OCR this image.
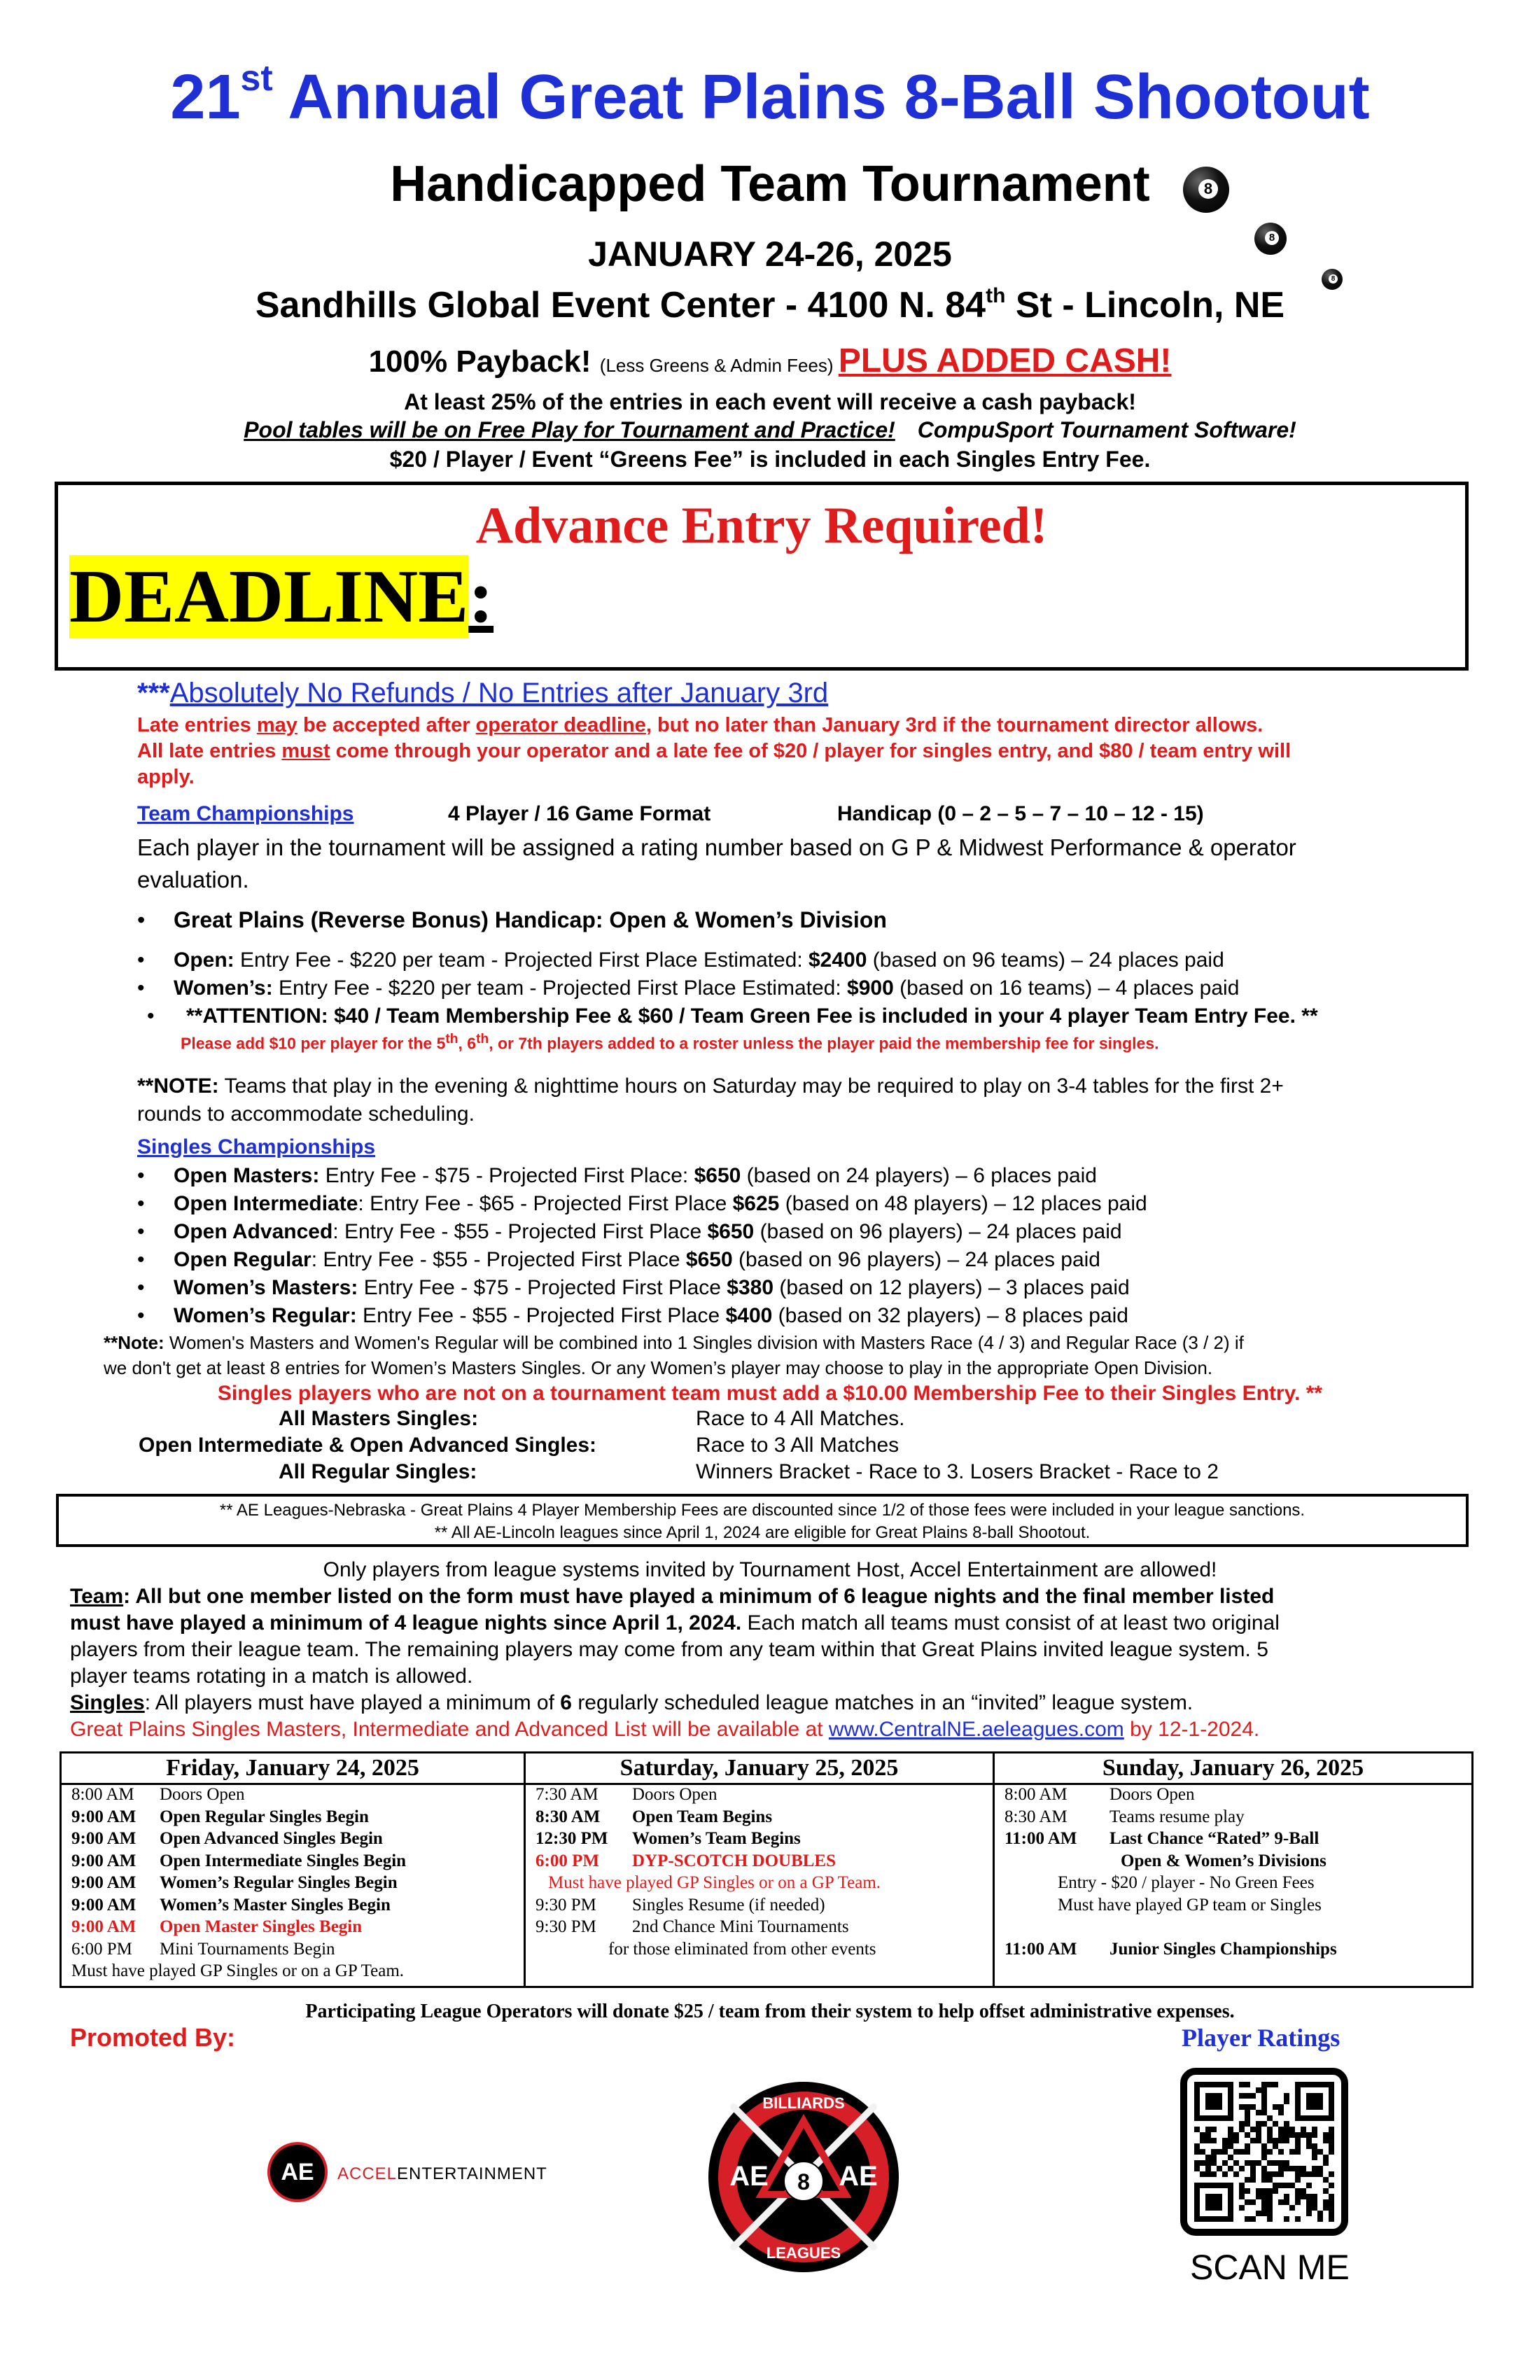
21st Annual Great Plains 8-Ball Shootout
Handicapped Team Tournament	8
8
8
JANUARY 24-26, 2025
Sandhills Global Event Center - 4100 N. 84th St - Lincoln, NE
100% Payback! (Less Greens & Admin Fees) PLUS ADDED CASH!
At least 25% of the entries in each event will receive a cash payback!
Pool tables will be on Free Play for Tournament and Practice! CompuSport Tournament Software!
$20 / Player / Event “Greens Fee” is included in each Singles Entry Fee.
Advance Entry Required!
DEADLINE:
***Absolutely No Refunds / No Entries after January 3rd
Late entries may be accepted after operator deadline, but no later than January 3rd if the tournament director allows.
All late entries must come through your operator and a late fee of $20 / player for singles entry, and $80 / team entry will
apply.
Team Championships	4 Player / 16 Game Format	Handicap (0 – 2 – 5 – 7 – 10 – 12 - 15)
Each player in the tournament will be assigned a rating number based on G P & Midwest Performance & operator
evaluation.
• Great Plains (Reverse Bonus) Handicap: Open & Women’s Division
• Open: Entry Fee - $220 per team - Projected First Place Estimated: $2400 (based on 96 teams) – 24 places paid
• Women’s: Entry Fee - $220 per team - Projected First Place Estimated: $900 (based on 16 teams) – 4 places paid
• **ATTENTION: $40 / Team Membership Fee & $60 / Team Green Fee is included in your 4 player Team Entry Fee. **
Please add $10 per player for the 5th, 6th, or 7th players added to a roster unless the player paid the membership fee for singles.
**NOTE: Teams that play in the evening & nighttime hours on Saturday may be required to play on 3-4 tables for the first 2+
rounds to accommodate scheduling.
Singles Championships
• Open Masters: Entry Fee - $75 - Projected First Place: $650 (based on 24 players) – 6 places paid
• Open Intermediate: Entry Fee - $65 - Projected First Place $625 (based on 48 players) – 12 places paid
• Open Advanced: Entry Fee - $55 - Projected First Place $650 (based on 96 players) – 24 places paid
• Open Regular: Entry Fee - $55 - Projected First Place $650 (based on 96 players) – 24 places paid
• Women’s Masters: Entry Fee - $75 - Projected First Place $380 (based on 12 players) – 3 places paid
• Women’s Regular: Entry Fee - $55 - Projected First Place $400 (based on 32 players) – 8 places paid
**Note: Women's Masters and Women's Regular will be combined into 1 Singles division with Masters Race (4 / 3) and Regular Race (3 / 2) if
we don't get at least 8 entries for Women’s Masters Singles. Or any Women’s player may choose to play in the appropriate Open Division.
Singles players who are not on a tournament team must add a $10.00 Membership Fee to their Singles Entry. **
All Masters Singles:	Race to 4 All Matches.
Open Intermediate & Open Advanced Singles:	Race to 3 All Matches
All Regular Singles:	Winners Bracket - Race to 3. Losers Bracket - Race to 2
** AE Leagues-Nebraska - Great Plains 4 Player Membership Fees are discounted since 1/2 of those fees were included in your league sanctions.
** All AE-Lincoln leagues since April 1, 2024 are eligible for Great Plains 8-ball Shootout.
Only players from league systems invited by Tournament Host, Accel Entertainment are allowed!
Team: All but one member listed on the form must have played a minimum of 6 league nights and the final member listed
must have played a minimum of 4 league nights since April 1, 2024. Each match all teams must consist of at least two original
players from their league team. The remaining players may come from any team within that Great Plains invited league system. 5
player teams rotating in a match is allowed.
Singles: All players must have played a minimum of 6 regularly scheduled league matches in an “invited” league system.
Great Plains Singles Masters, Intermediate and Advanced List will be available at www.CentralNE.aeleagues.com by 12-1-2024.
Friday, January 24, 2025
8:00 AM Doors Open
9:00 AM Open Regular Singles Begin
9:00 AM Open Advanced Singles Begin
9:00 AM Open Intermediate Singles Begin
9:00 AM Women’s Regular Singles Begin
9:00 AM Women’s Master Singles Begin
9:00 AM Open Master Singles Begin
6:00 PM Mini Tournaments Begin
Must have played GP Singles or on a GP Team.
Saturday, January 25, 2025
7:30 AM Doors Open
8:30 AM Open Team Begins
12:30 PM Women’s Team Begins
6:00 PM DYP-SCOTCH DOUBLES
Must have played GP Singles or on a GP Team.
9:30 PM Singles Resume (if needed)
9:30 PM 2nd Chance Mini Tournaments
for those eliminated from other events
Sunday, January 26, 2025
8:00 AM Doors Open
8:30 AM Teams resume play
11:00 AM Last Chance “Rated” 9-Ball
Open & Women’s Divisions
Entry - $20 / player - No Green Fees
Must have played GP team or Singles
11:00 AM Junior Singles Championships
Participating League Operators will donate $25 / team from their system to help offset administrative expenses.
Promoted By:	Player Ratings
AE	ACCELENTERTAINMENT	8
BILLIARDS
LEAGUES
AE	AE
SCAN ME
